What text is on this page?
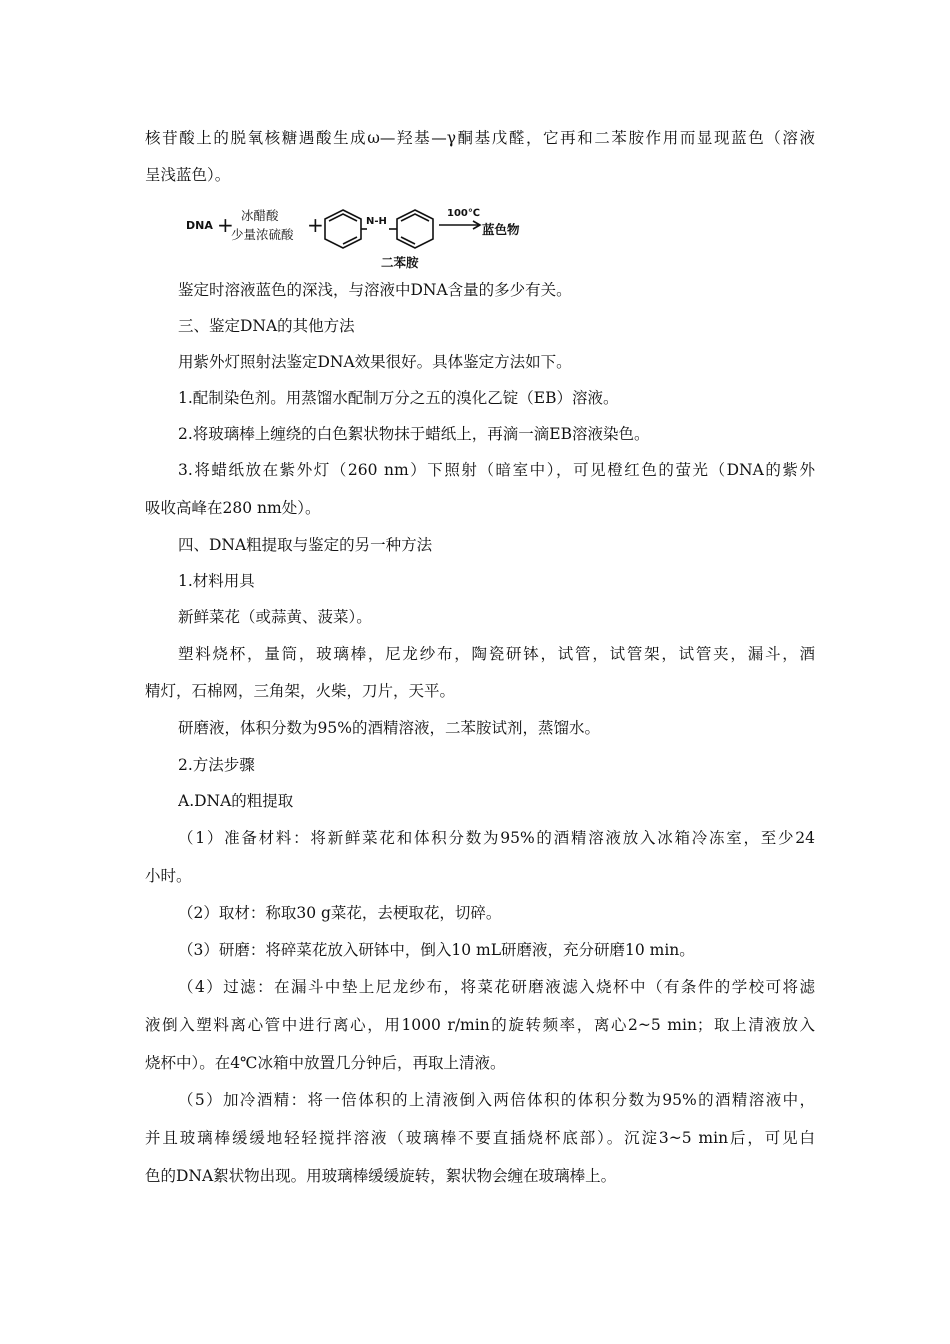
核苷酸上的脱氧核糖遇酸生成ω—羟基—γ酮基戊醛，它再和二苯胺作用而显现蓝色（溶液
呈浅蓝色）。
鉴定时溶液蓝色的深浅，与溶液中DNA含量的多少有关。
三、鉴定DNA的其他方法
用紫外灯照射法鉴定DNA效果很好。具体鉴定方法如下。
1.配制染色剂。用蒸馏水配制万分之五的溴化乙锭（EB）溶液。
2.将玻璃棒上缠绕的白色絮状物抹于蜡纸上，再滴一滴EB溶液染色。
3.将蜡纸放在紫外灯（260 nm）下照射（暗室中），可见橙红色的萤光（DNA的紫外
吸收高峰在280 nm处）。
四、DNA粗提取与鉴定的另一种方法
1.材料用具
新鲜菜花（或蒜黄、菠菜）。
塑料烧杯，量筒，玻璃棒，尼龙纱布，陶瓷研钵，试管，试管架，试管夹，漏斗，酒
精灯，石棉网，三角架，火柴，刀片，天平。
研磨液，体积分数为95%的酒精溶液，二苯胺试剂，蒸馏水。
2.方法步骤
A.DNA的粗提取
（1）准备材料：将新鲜菜花和体积分数为95%的酒精溶液放入冰箱冷冻室，至少24
小时。
（2）取材：称取30 g菜花，去梗取花，切碎。
（3）研磨：将碎菜花放入研钵中，倒入10 mL研磨液，充分研磨10 min。
（4）过滤：在漏斗中垫上尼龙纱布，将菜花研磨液滤入烧杯中（有条件的学校可将滤
液倒入塑料离心管中进行离心，用1000 r/min的旋转频率，离心2~5 min；取上清液放入
烧杯中）。在4℃冰箱中放置几分钟后，再取上清液。
（5）加冷酒精：将一倍体积的上清液倒入两倍体积的体积分数为95%的酒精溶液中，
并且玻璃棒缓缓地轻轻搅拌溶液（玻璃棒不要直插烧杯底部）。沉淀3~5 min后，可见白
色的DNA絮状物出现。用玻璃棒缓缓旋转，絮状物会缠在玻璃棒上。
DNA + 冰醋酸
少量浓硫酸 +	N-H
100℃
蓝色物
二苯胺
